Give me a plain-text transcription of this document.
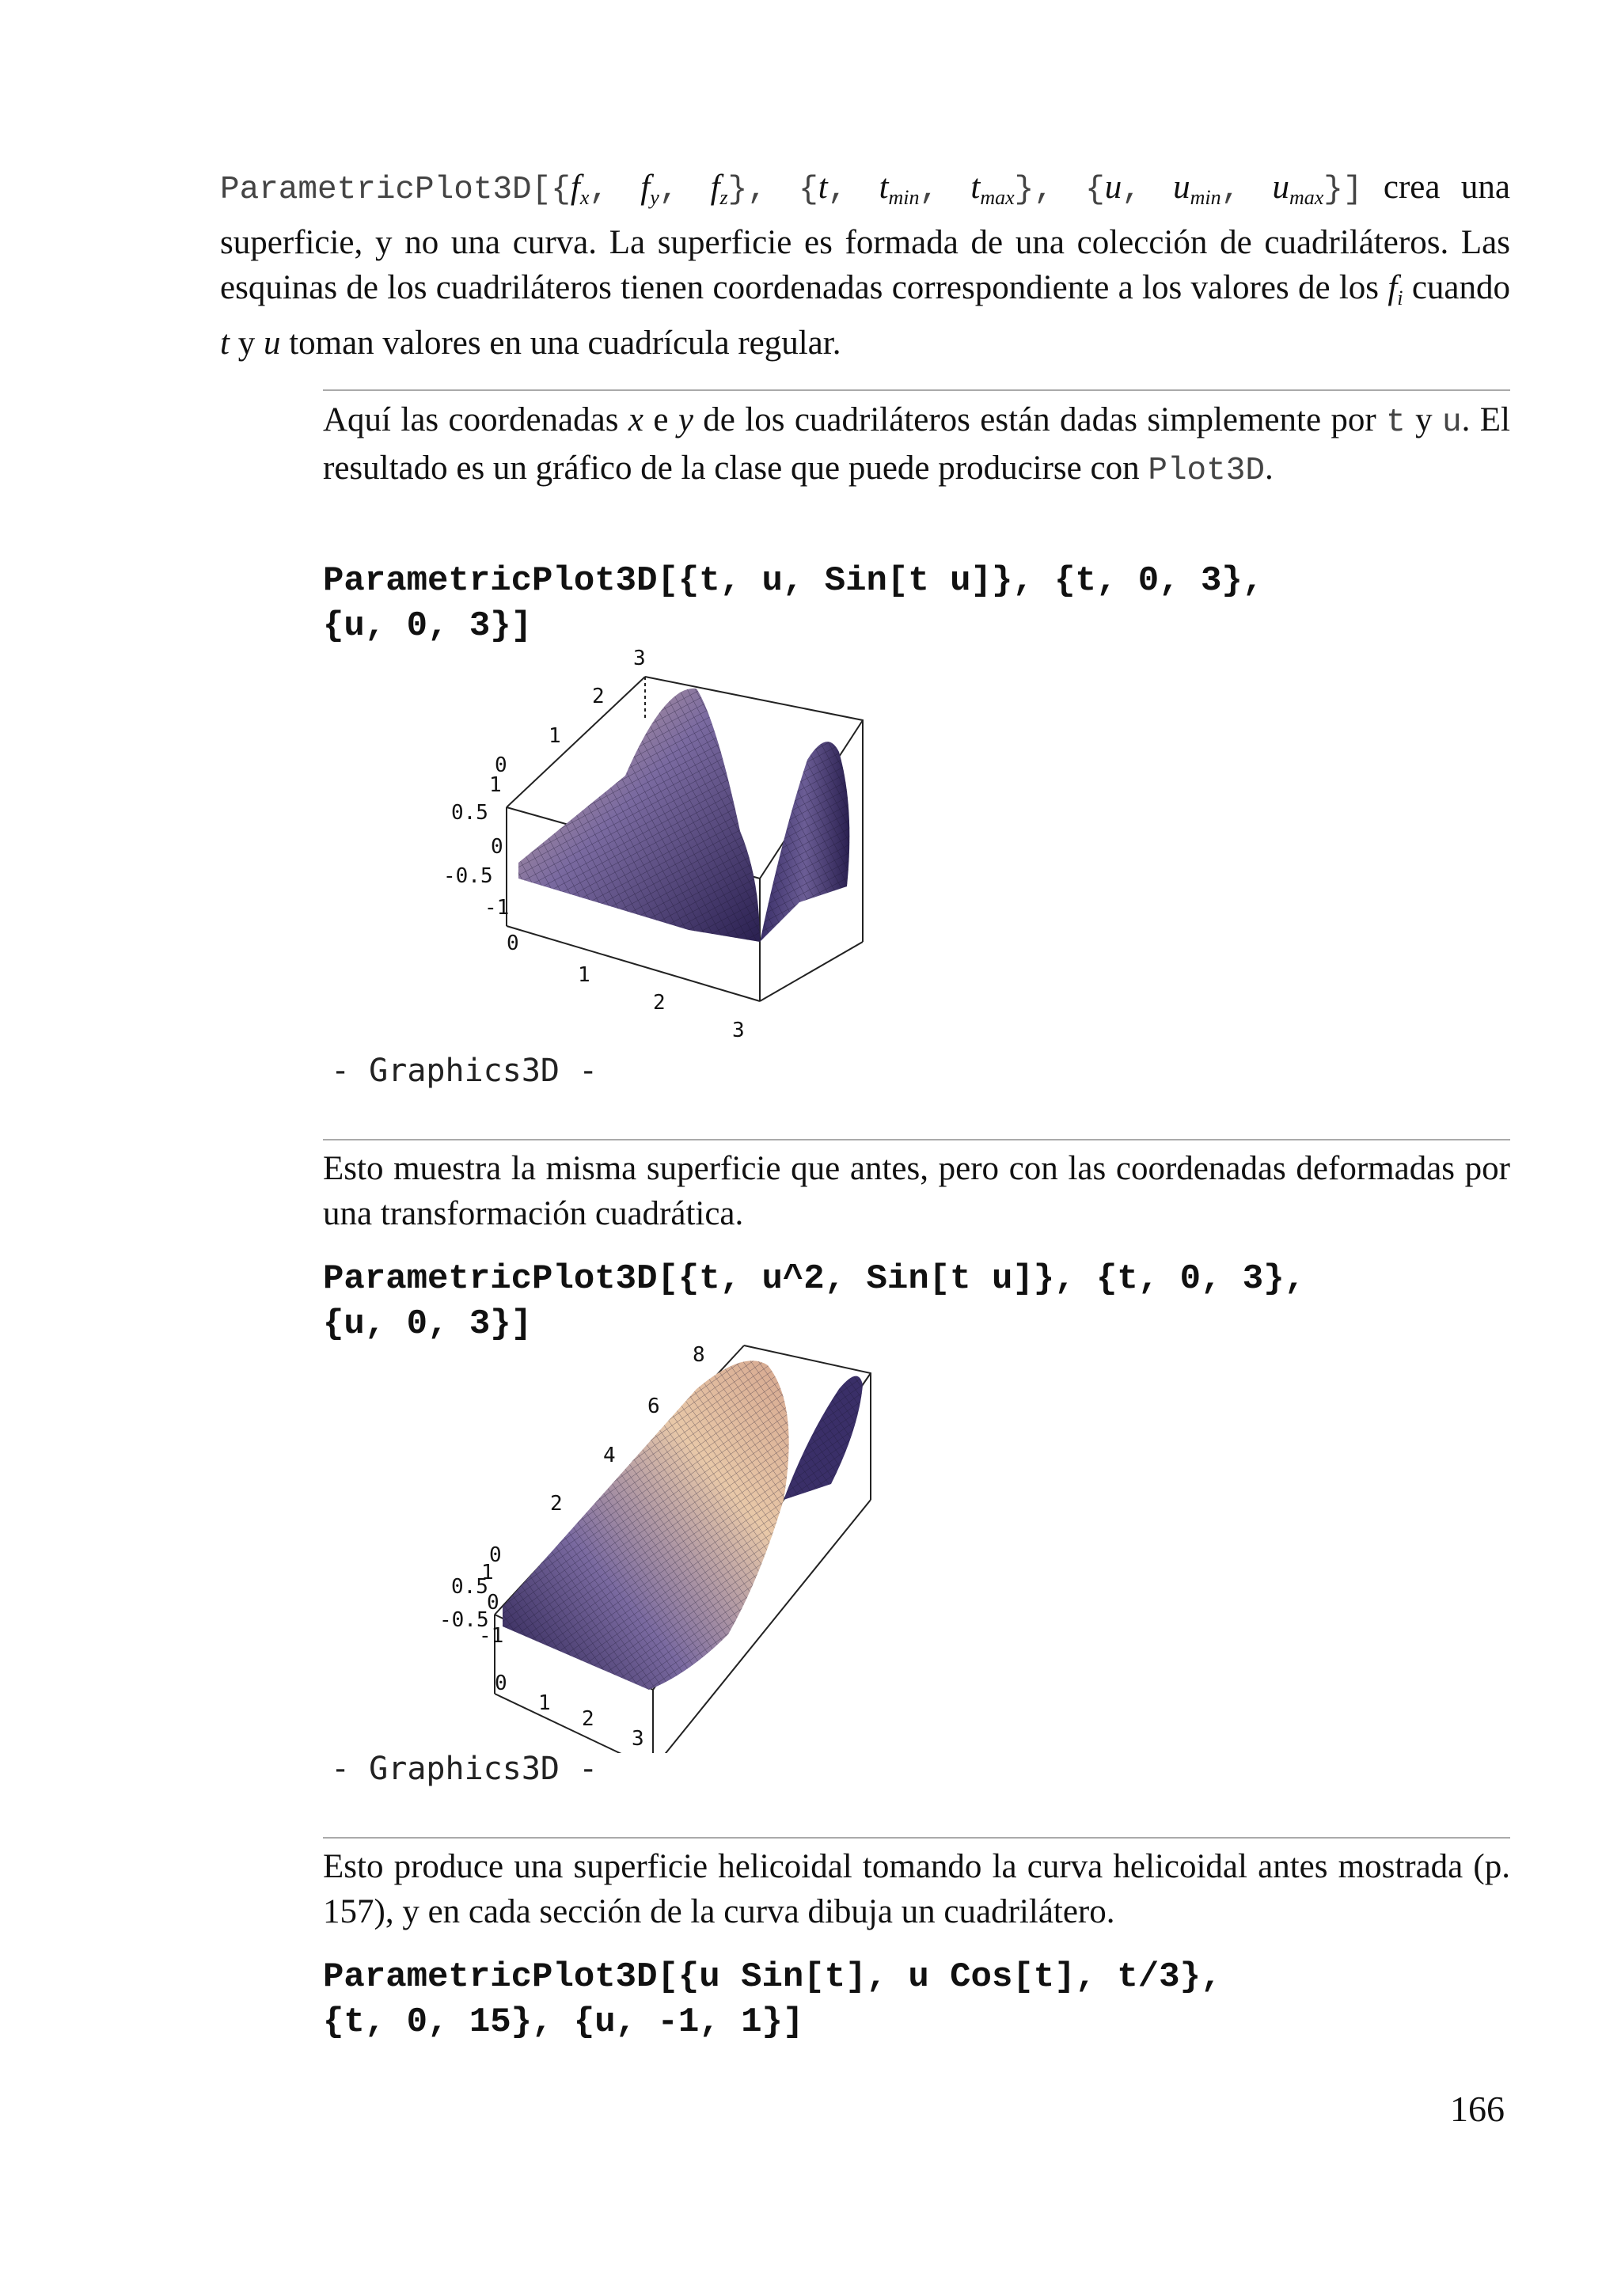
$ParametricPlot3D[\{f_x$, $f_y$, $f_z$}, {t, $t_{min}$, $t_{max}$}, {u, $u_{min}$, $u_{max}$}] crea una superficie, y no una curva. La superficie es formada de una colección de cuadriláteros. Las esquinas de los cuadriláteros tienen coordenadas correspondiente a los valores de los $f_i$ cuando t y u toman valores en una cuadrícula regular.
Aquí las coordenadas x e y de los cuadriláteros están dadas simplemente por t y u. El resultado es un gráfico de la clase que puede producirse con Plot3D.
ParametricPlot3D[{t, u, Sin[t u]}, {t, 0, 3},
{u, 0, 3}]
3
2
1
0
1
0.5
0
-0.5
-1
0
1
2
3
- Graphics3D -
Esto muestra la misma superficie que antes, pero con las coordenadas deformadas por una transformación cuadrática.
ParametricPlot3D[{t, u^2, Sin[t u]}, {t, 0, 3},
{u, 0, 3}]
8
6
4
2
0
1
0.5
0
-0.5
-1
0
1
2
3
- Graphics3D -
Esto produce una superficie helicoidal tomando la curva helicoidal antes mostrada (p. 157), y en cada sección de la curva dibuja un cuadrilátero.
ParametricPlot3D[{u Sin[t], u Cos[t], t/3},
{t, 0, 15}, {u, -1, 1}]
166
